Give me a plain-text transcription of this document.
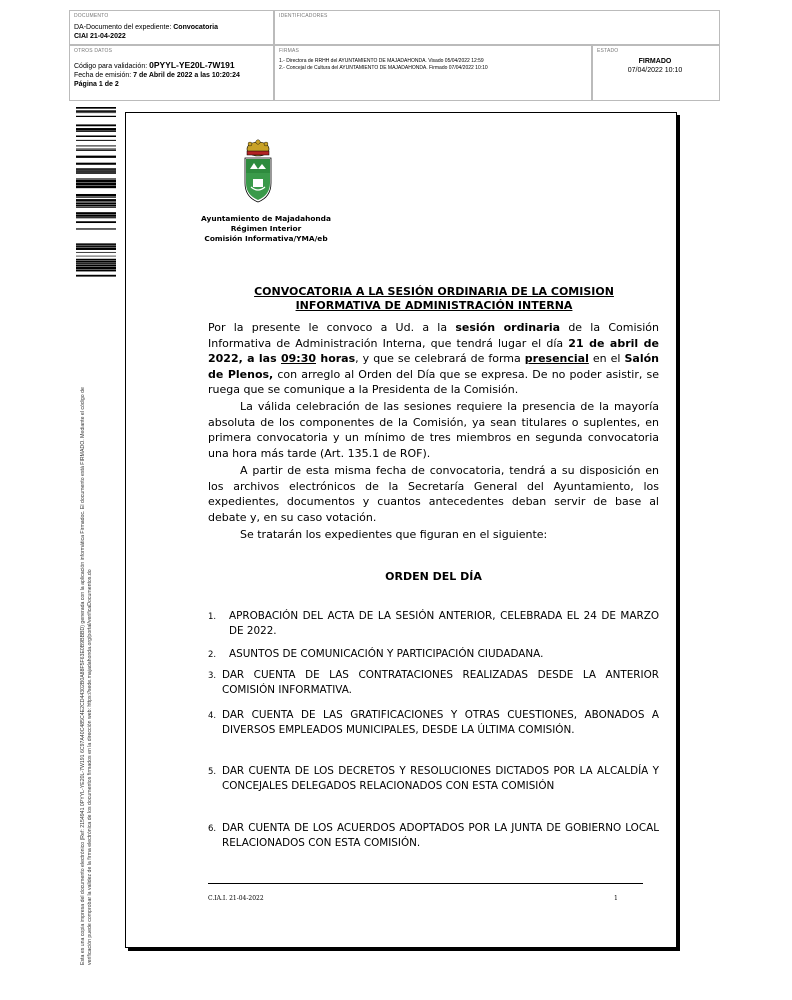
DOCUMENTO
DA-Documento del expediente: Convocatoria
CIAI 21-04-2022
IDENTIFICADORES
OTROS DATOS
Código para validación: 0PYYL-YE20L-7W191
Fecha de emisión: 7 de Abril de 2022 a las 10:20:24
Página 1 de 2
FIRMAS
1.- Directora de RRHH del AYUNTAMIENTO DE MAJADAHONDA. Visado 05/04/2022 12:59
2.- Concejal de Cultura del AYUNTAMIENTO DE MAJADAHONDA. Firmado 07/04/2022 10:10
ESTADO
FIRMADO
07/04/2022 10:10
Esta es una copia impresa del documento electrónico (Ref: 2154941 0PYYL-YE20L-7W191 6C97A40C485C4E2CD44302B0A88F5F63E0B9BBBD) generada con la aplicación informática Firmadoc. El documento está FIRMADO. Mediante el código de verificación puede comprobar la validez de la firma electrónica de los documentos firmados en la dirección web: https://sede.majadahonda.org/portal/verificaDocumentos.do
Ayuntamiento de Majadahonda
Régimen Interior
Comisión Informativa/YMA/eb
CONVOCATORIA A LA SESIÓN ORDINARIA DE LA COMISION
INFORMATIVA DE ADMINISTRACIÓN INTERNA
Por la presente le convoco a Ud. a la sesión ordinaria de la Comisión Informativa de Administración Interna, que tendrá lugar el día 21 de abril de 2022, a las 09:30 horas, y que se celebrará de forma presencial en el Salón de Plenos, con arreglo al Orden del Día que se expresa. De no poder asistir, se ruega que se comunique a la Presidenta de la Comisión.
La válida celebración de las sesiones requiere la presencia de la mayoría absoluta de los componentes de la Comisión, ya sean titulares o suplentes, en primera convocatoria y un mínimo de tres miembros en segunda convocatoria una hora más tarde (Art. 135.1 de ROF).
A partir de esta misma fecha de convocatoria, tendrá a su disposición en los archivos electrónicos de la Secretaría General del Ayuntamiento, los expedientes, documentos y cuantos antecedentes deban servir de base al debate y, en su caso votación.
Se tratarán los expedientes que figuran en el siguiente:
ORDEN DEL DÍA
1.	APROBACIÓN DEL ACTA DE LA SESIÓN ANTERIOR, CELEBRADA EL 24 DE MARZO DE 2022.
2.	ASUNTOS DE COMUNICACIÓN Y PARTICIPACIÓN CIUDADANA.
3. DAR CUENTA DE LAS CONTRATACIONES REALIZADAS DESDE LA ANTERIOR COMISIÓN INFORMATIVA.
4. DAR CUENTA DE LAS GRATIFICACIONES Y OTRAS CUESTIONES, ABONADOS A DIVERSOS EMPLEADOS MUNICIPALES, DESDE LA ÚLTIMA COMISIÓN.
5. DAR CUENTA DE LOS DECRETOS Y RESOLUCIONES DICTADOS POR LA ALCALDÍA Y CONCEJALES DELEGADOS RELACIONADOS CON ESTA COMISIÓN
6. DAR CUENTA DE LOS ACUERDOS ADOPTADOS POR LA JUNTA DE GOBIERNO LOCAL RELACIONADOS CON ESTA COMISIÓN.
C.IA.I. 21-04-2022	1
